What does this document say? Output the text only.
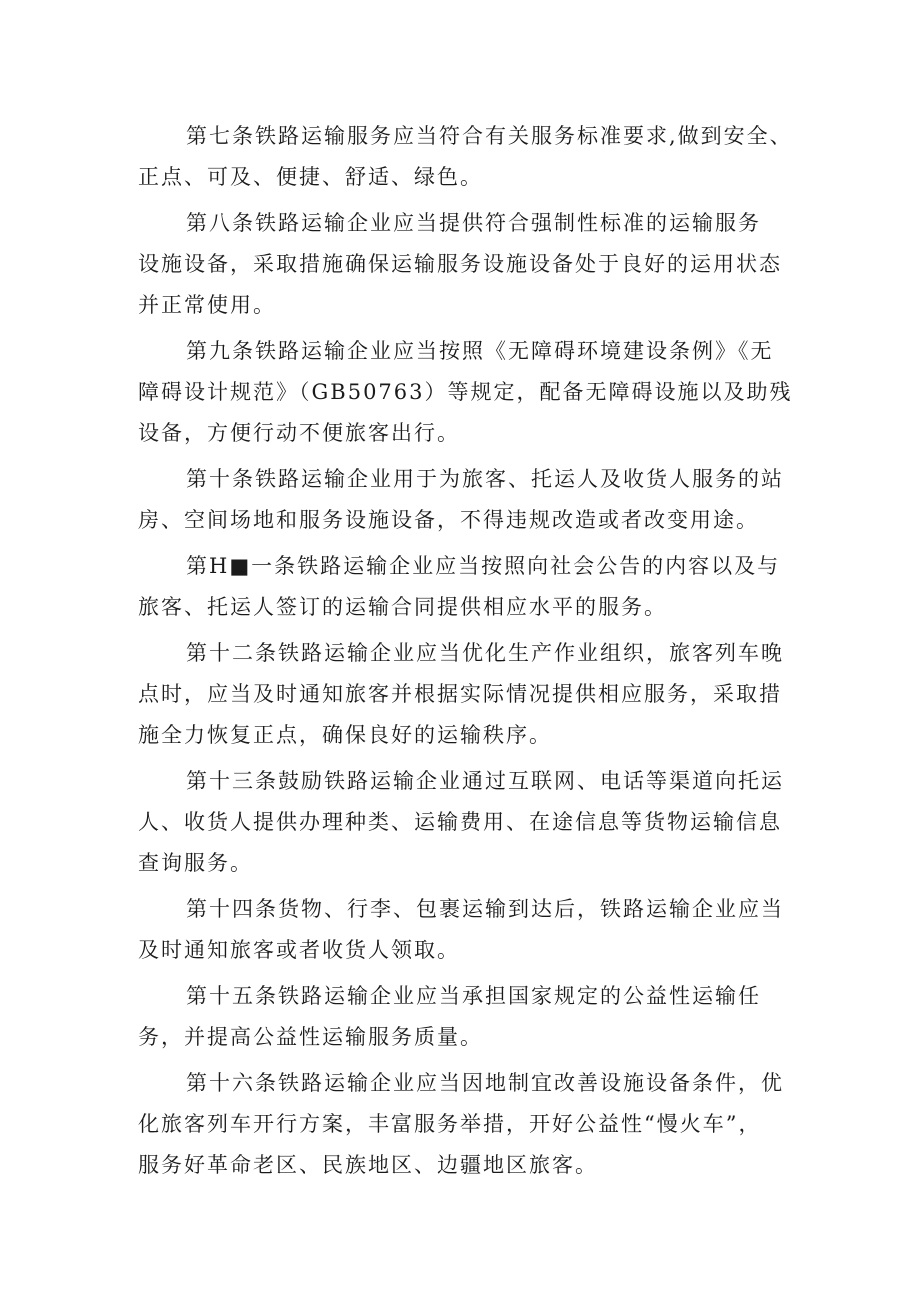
第七条铁路运输服务应当符合有关服务标准要求,做到安全、
正点、可及、便捷、舒适、绿色。
第八条铁路运输企业应当提供符合强制性标准的运输服务
设施设备，采取措施确保运输服务设施设备处于良好的运用状态
并正常使用。
第九条铁路运输企业应当按照《无障碍环境建设条例》《无
障碍设计规范》（GB50763）等规定，配备无障碍设施以及助残
设备，方便行动不便旅客出行。
第十条铁路运输企业用于为旅客、托运人及收货人服务的站
房、空间场地和服务设施设备，不得违规改造或者改变用途。
第H■一条铁路运输企业应当按照向社会公告的内容以及与
旅客、托运人签订的运输合同提供相应水平的服务。
第十二条铁路运输企业应当优化生产作业组织，旅客列车晚
点时，应当及时通知旅客并根据实际情况提供相应服务，采取措
施全力恢复正点，确保良好的运输秩序。
第十三条鼓励铁路运输企业通过互联网、电话等渠道向托运
人、收货人提供办理种类、运输费用、在途信息等货物运输信息
查询服务。
第十四条货物、行李、包裹运输到达后，铁路运输企业应当
及时通知旅客或者收货人领取。
第十五条铁路运输企业应当承担国家规定的公益性运输任
务，并提高公益性运输服务质量。
第十六条铁路运输企业应当因地制宜改善设施设备条件，优
化旅客列车开行方案，丰富服务举措，开好公益性“慢火车”，
服务好革命老区、民族地区、边疆地区旅客。
